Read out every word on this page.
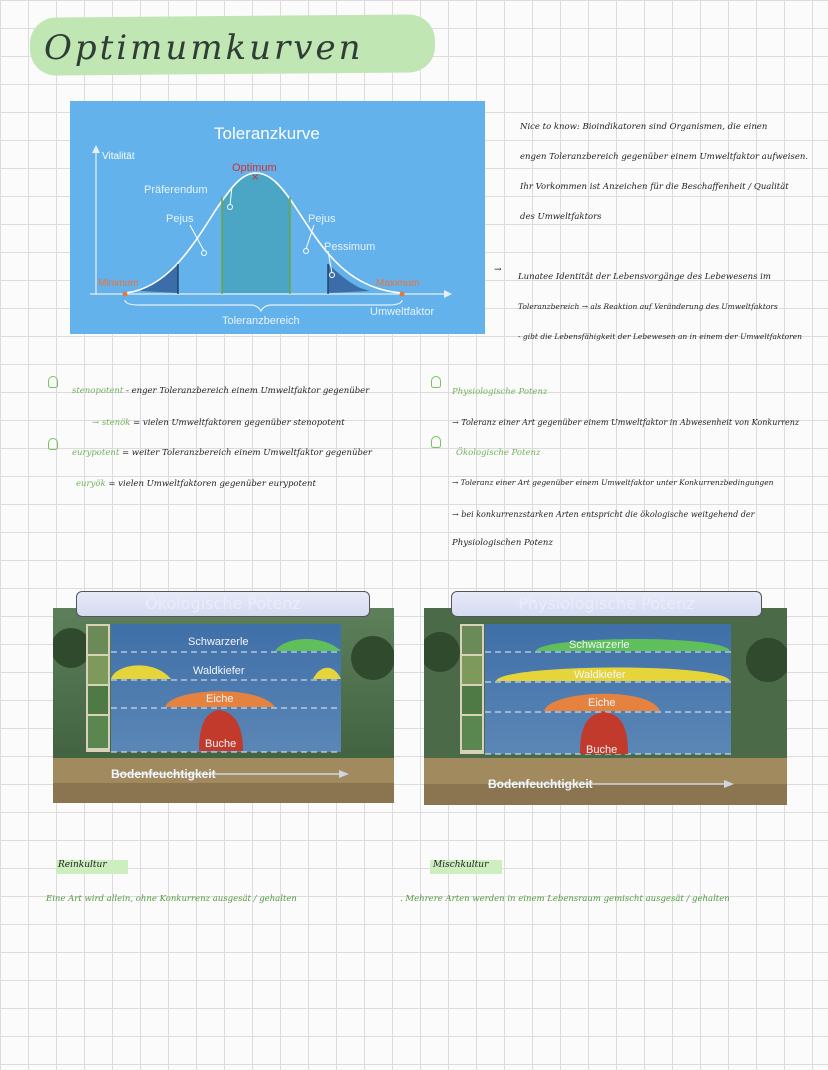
Optimumkurven
×
Toleranzkurve
Vitalität
Optimum
Präferendum
Pejus	Pejus
Pessimum
Minimum	Maximum
Toleranzbereich
Umweltfaktor
Nice to know: Bioindikatoren sind Organismen, die einen
engen Toleranzbereich gegenüber einem Umweltfaktor aufweisen.
Ihr Vorkommen ist Anzeichen für die Beschaffenheit / Qualität
des Umweltfaktors
→
Lunatee Identität der Lebensvorgänge des Lebewesens im
Toleranzbereich → als Reaktion auf Veränderung des Umweltfaktors
- gibt die Lebensfähigkeit der Lebewesen an in einem der Umweltfaktoren
stenopotent - enger Toleranzbereich einem Umweltfaktor gegenüber
→ stenök = vielen Umweltfaktoren gegenüber stenopotent
eurypotent = weiter Toleranzbereich einem Umweltfaktor gegenüber
euryök = vielen Umweltfaktoren gegenüber eurypotent
Physiologische Potenz
→ Toleranz einer Art gegenüber einem Umweltfaktor in Abwesenheit von Konkurrenz
Ökologische Potenz
→ Toleranz einer Art gegenüber einem Umweltfaktor unter Konkurrenzbedingungen
→ bei konkurrenzstarken Arten entspricht die ökologische weitgehend der
Physiologischen Potenz
Schwarzerle
Waldkiefer
Eiche
Buche
Bodenfeuchtigkeit
Ökologische Potenz
Schwarzerle
Waldkiefer
Eiche
Buche
Bodenfeuchtigkeit
Physiologische Potenz
Reinkultur
Eine Art wird allein, ohne Konkurrenz ausgesät / gehalten
Mischkultur
. Mehrere Arten werden in einem Lebensraum gemischt ausgesät / gehalten
